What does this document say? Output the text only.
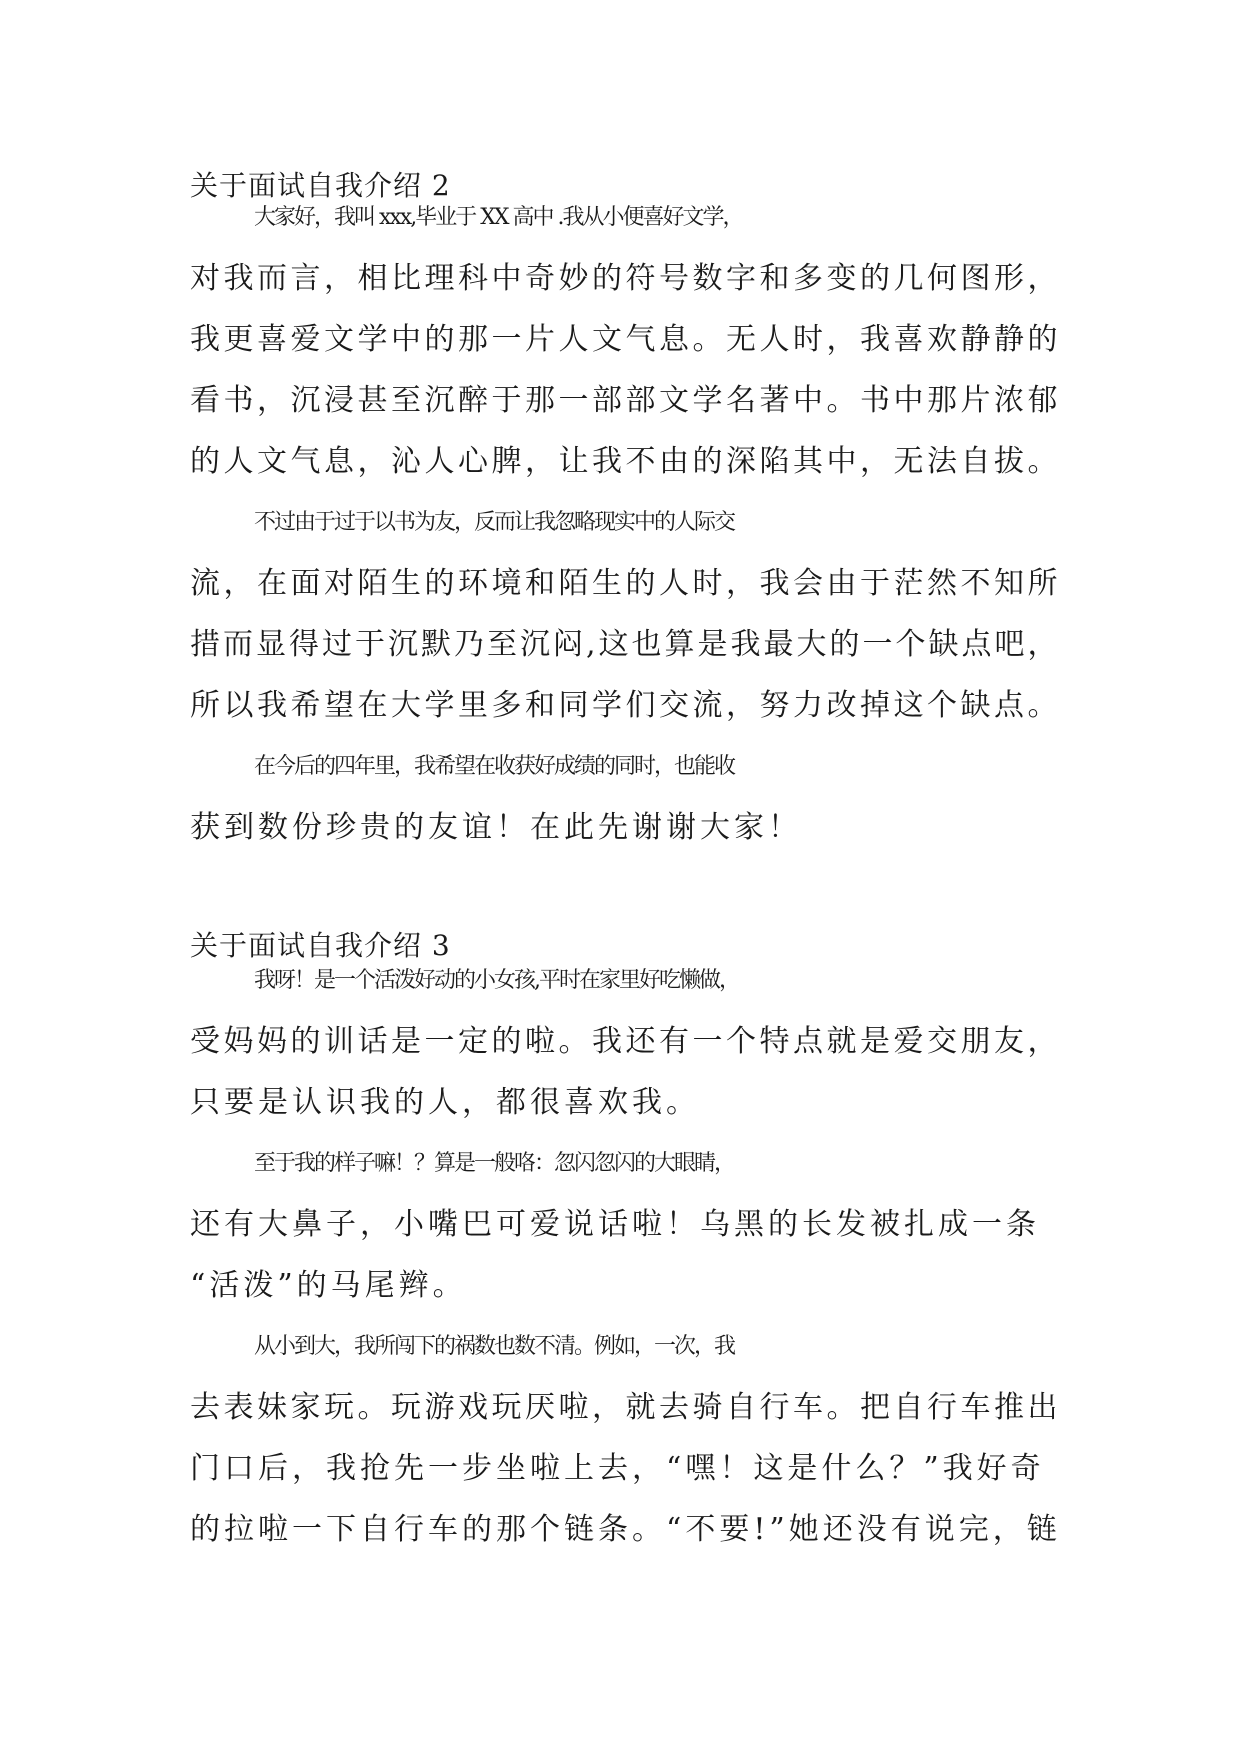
关于面试自我介绍 2
大家好，我叫 xxx,毕业于 XX 高中 .我从小便喜好文学，
对我而言，相比理科中奇妙的符号数字和多变的几何图形，
我更喜爱文学中的那一片人文气息。无人时，我喜欢静静的
看书，沉浸甚至沉醉于那一部部文学名著中。书中那片浓郁
的人文气息，沁人心脾，让我不由的深陷其中，无法自拔。
不过由于过于以书为友，反而让我忽略现实中的人际交
流，在面对陌生的环境和陌生的人时，我会由于茫然不知所
措而显得过于沉默乃至沉闷,这也算是我最大的一个缺点吧，
所以我希望在大学里多和同学们交流，努力改掉这个缺点。
在今后的四年里，我希望在收获好成绩的同时，也能收
获到数份珍贵的友谊！在此先谢谢大家！
关于面试自我介绍 3
我呀！是一个活泼好动的小女孩,平时在家里好吃懒做，
受妈妈的训话是一定的啦。我还有一个特点就是爱交朋友，
只要是认识我的人，都很喜欢我。
至于我的样子嘛！？算是一般咯：忽闪忽闪的大眼睛，
还有大鼻子，小嘴巴可爱说话啦！乌黑的长发被扎成一条
“活泼”的马尾辫。
从小到大，我所闯下的祸数也数不清。例如，一次，我
去表妹家玩。玩游戏玩厌啦，就去骑自行车。把自行车推出
门口后，我抢先一步坐啦上去，“嘿！这是什么？”我好奇
的拉啦一下自行车的那个链条。“不要!”她还没有说完，链
